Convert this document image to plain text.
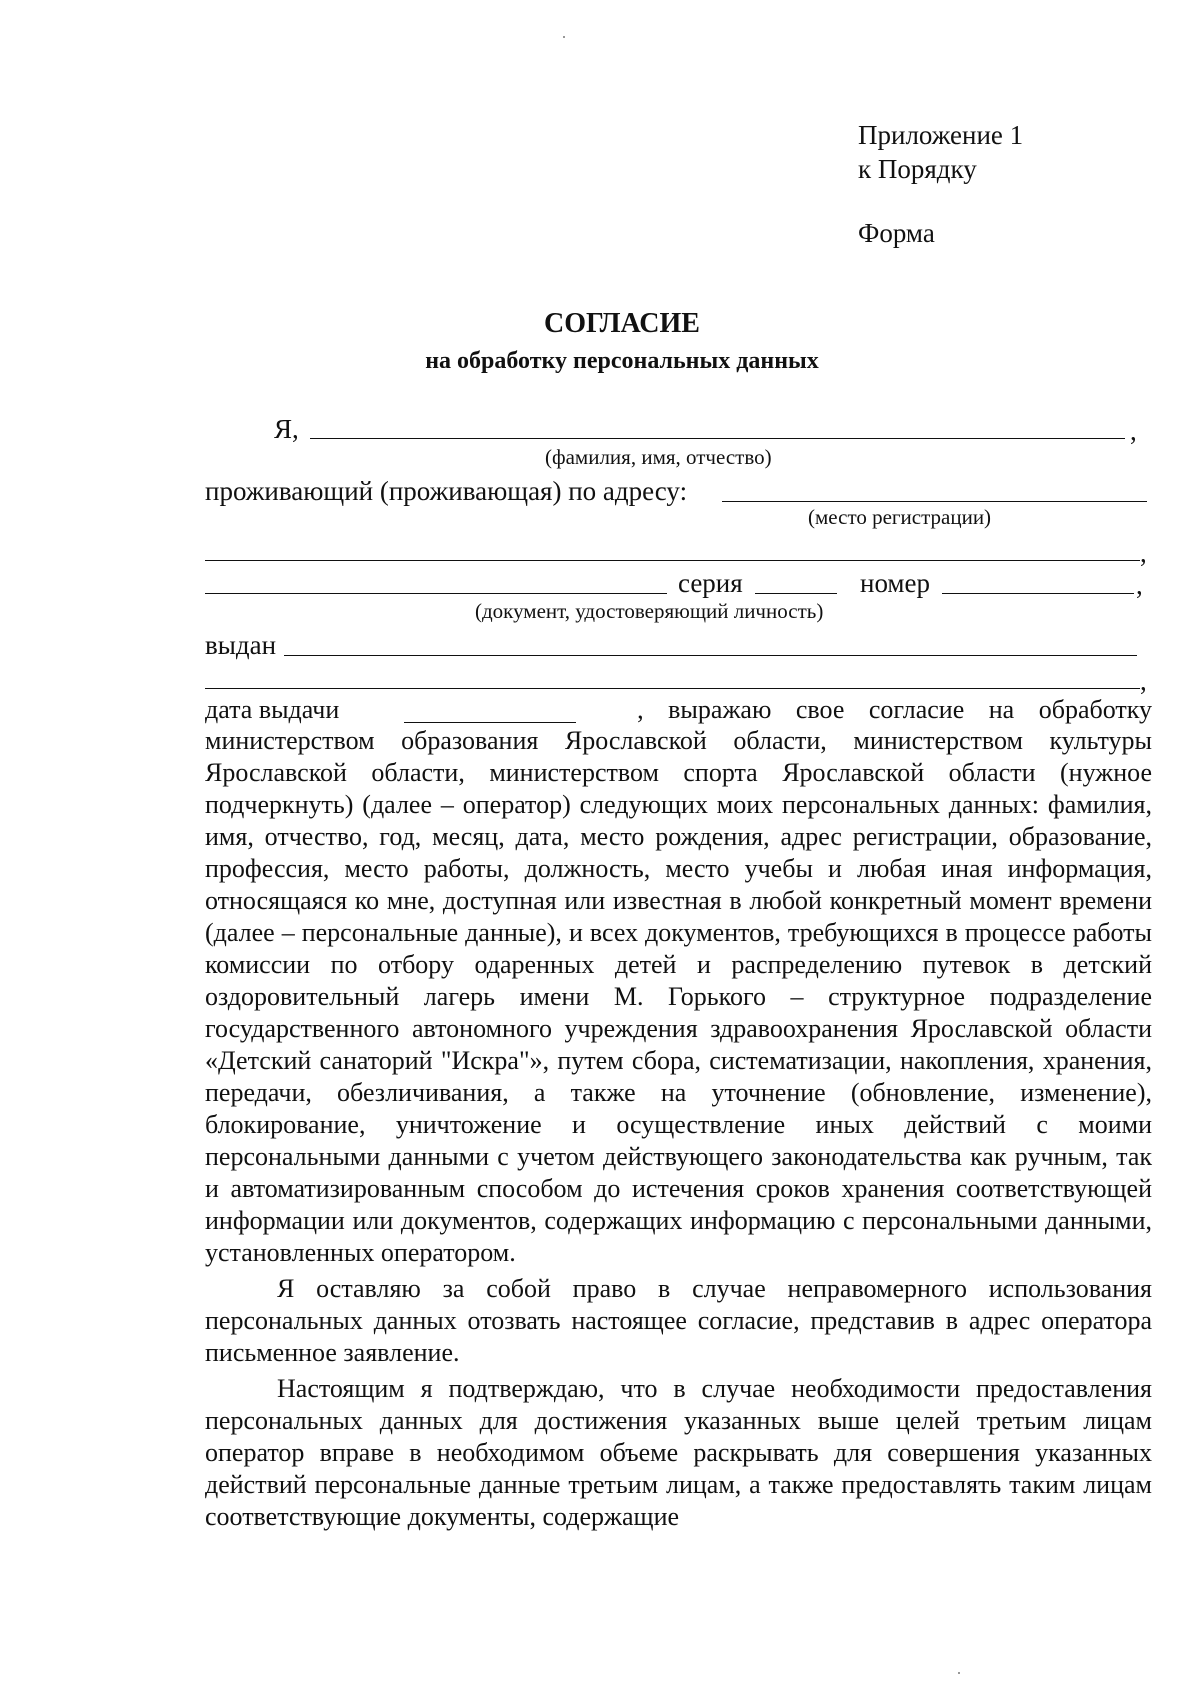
Приложение 1
к Порядку
Форма
СОГЛАСИЕ
на обработку персональных данных
Я,	,
(фамилия, имя, отчество)
проживающий (проживающая) по адресу:
(место регистрации)
,
серия	номер	,
(документ, удостоверяющий личность)
выдан
,
дата выдачи	, выражаю свое согласие на обработку

министерством образования Ярославской области, министерством культуры Ярославской области, министерством спорта Ярославской области (нужное подчеркнуть) (далее – оператор) следующих моих персональных данных: фамилия, имя, отчество, год, месяц, дата, место рождения, адрес регистрации, образование, профессия, место работы, должность, место учебы и любая иная информация, относящаяся ко мне, доступная или известная в любой конкретный момент времени (далее – персональные данные), и всех документов, требующихся в процессе работы комиссии по отбору одаренных детей и распределению путевок в детский оздоровительный лагерь имени М. Горького – структурное подразделение государственного автономного учреждения здравоохранения Ярославской области «Детский санаторий "Искра"», путем сбора, систематизации, накопления, хранения, передачи, обезличивания, а также на уточнение (обновление, изменение), блокирование, уничтожение и осуществление иных действий с моими персональными данными с учетом действующего законодательства как ручным, так и автоматизированным способом до истечения сроков хранения соответствующей информации или документов, содержащих информацию с персональными данными, установленных оператором.

Я оставляю за собой право в случае неправомерного использования персональных данных отозвать настоящее согласие, представив в адрес оператора письменное заявление.

Настоящим я подтверждаю, что в случае необходимости предоставления персональных данных для достижения указанных выше целей третьим лицам оператор вправе в необходимом объеме раскрывать для совершения указанных действий персональные данные третьим лицам, а также предоставлять таким лицам соответствующие документы, содержащие
